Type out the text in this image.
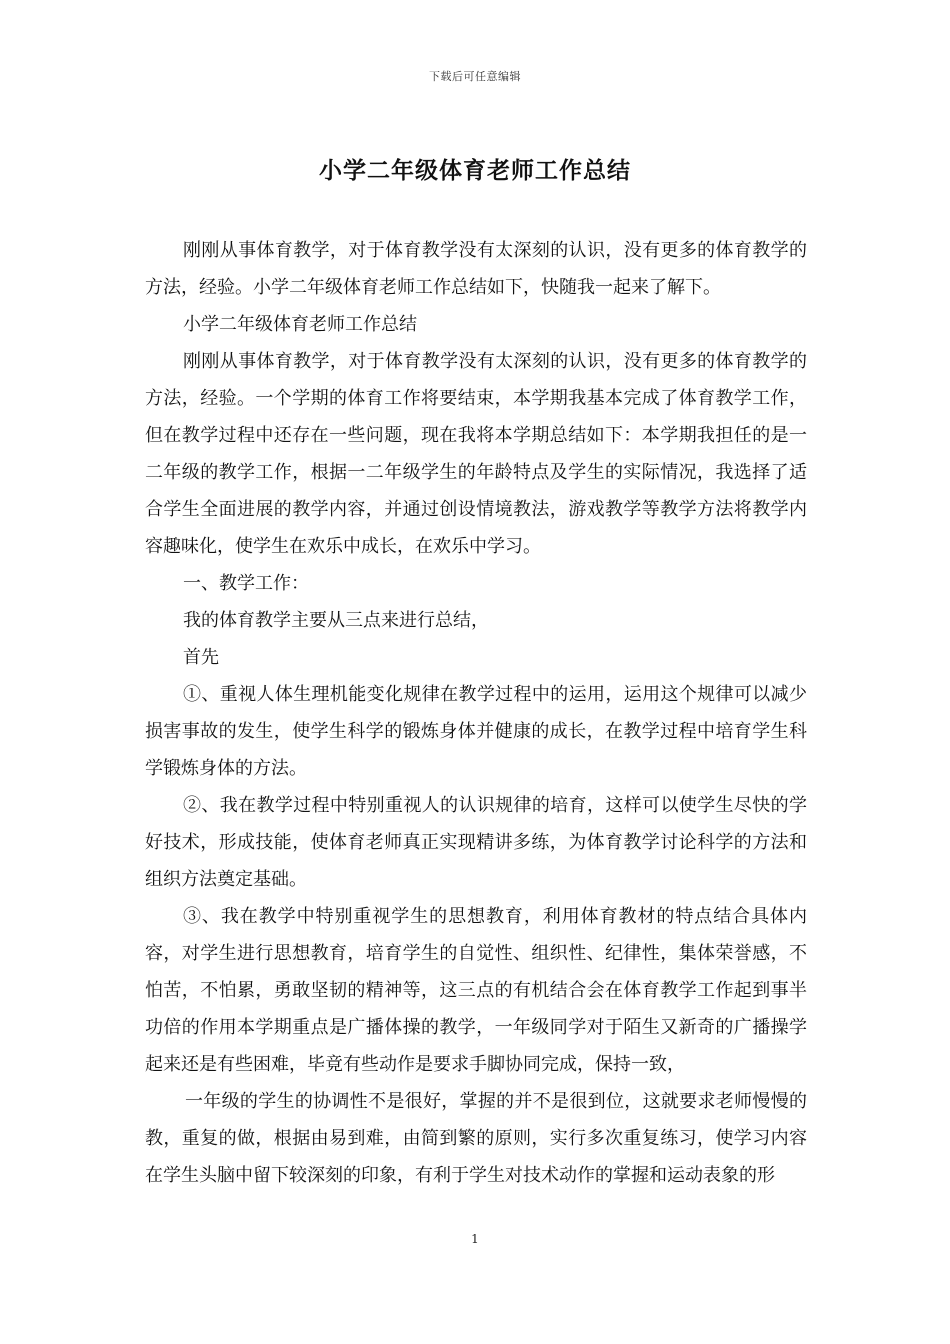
下载后可任意编辑
小学二年级体育老师工作总结

刚刚从事体育教学，对于体育教学没有太深刻的认识，没有更多的体育教学的方法，经验。小学二年级体育老师工作总结如下，快随我一起来了解下。

小学二年级体育老师工作总结

刚刚从事体育教学，对于体育教学没有太深刻的认识，没有更多的体育教学的方法，经验。一个学期的体育工作将要结束，本学期我基本完成了体育教学工作，但在教学过程中还存在一些问题，现在我将本学期总结如下：本学期我担任的是一二年级的教学工作，根据一二年级学生的年龄特点及学生的实际情况，我选择了适合学生全面进展的教学内容，并通过创设情境教法，游戏教学等教学方法将教学内容趣味化，使学生在欢乐中成长，在欢乐中学习。

一、教学工作：

我的体育教学主要从三点来进行总结，

首先

①、重视人体生理机能变化规律在教学过程中的运用，运用这个规律可以减少损害事故的发生，使学生科学的锻炼身体并健康的成长，在教学过程中培育学生科学锻炼身体的方法。

②、我在教学过程中特别重视人的认识规律的培育，这样可以使学生尽快的学好技术，形成技能，使体育老师真正实现精讲多练，为体育教学讨论科学的方法和组织方法奠定基础。

③、我在教学中特别重视学生的思想教育，利用体育教材的特点结合具体内容，对学生进行思想教育，培育学生的自觉性、组织性、纪律性，集体荣誉感，不怕苦，不怕累，勇敢坚韧的精神等，这三点的有机结合会在体育教学工作起到事半功倍的作用本学期重点是广播体操的教学，一年级同学对于陌生又新奇的广播操学起来还是有些困难，毕竟有些动作是要求手脚协同完成，保持一致，

一年级的学生的协调性不是很好，掌握的并不是很到位，这就要求老师慢慢的教，重复的做，根据由易到难，由简到繁的原则，实行多次重复练习，使学习内容在学生头脑中留下较深刻的印象，有利于学生对技术动作的掌握和运动表象的形

1
